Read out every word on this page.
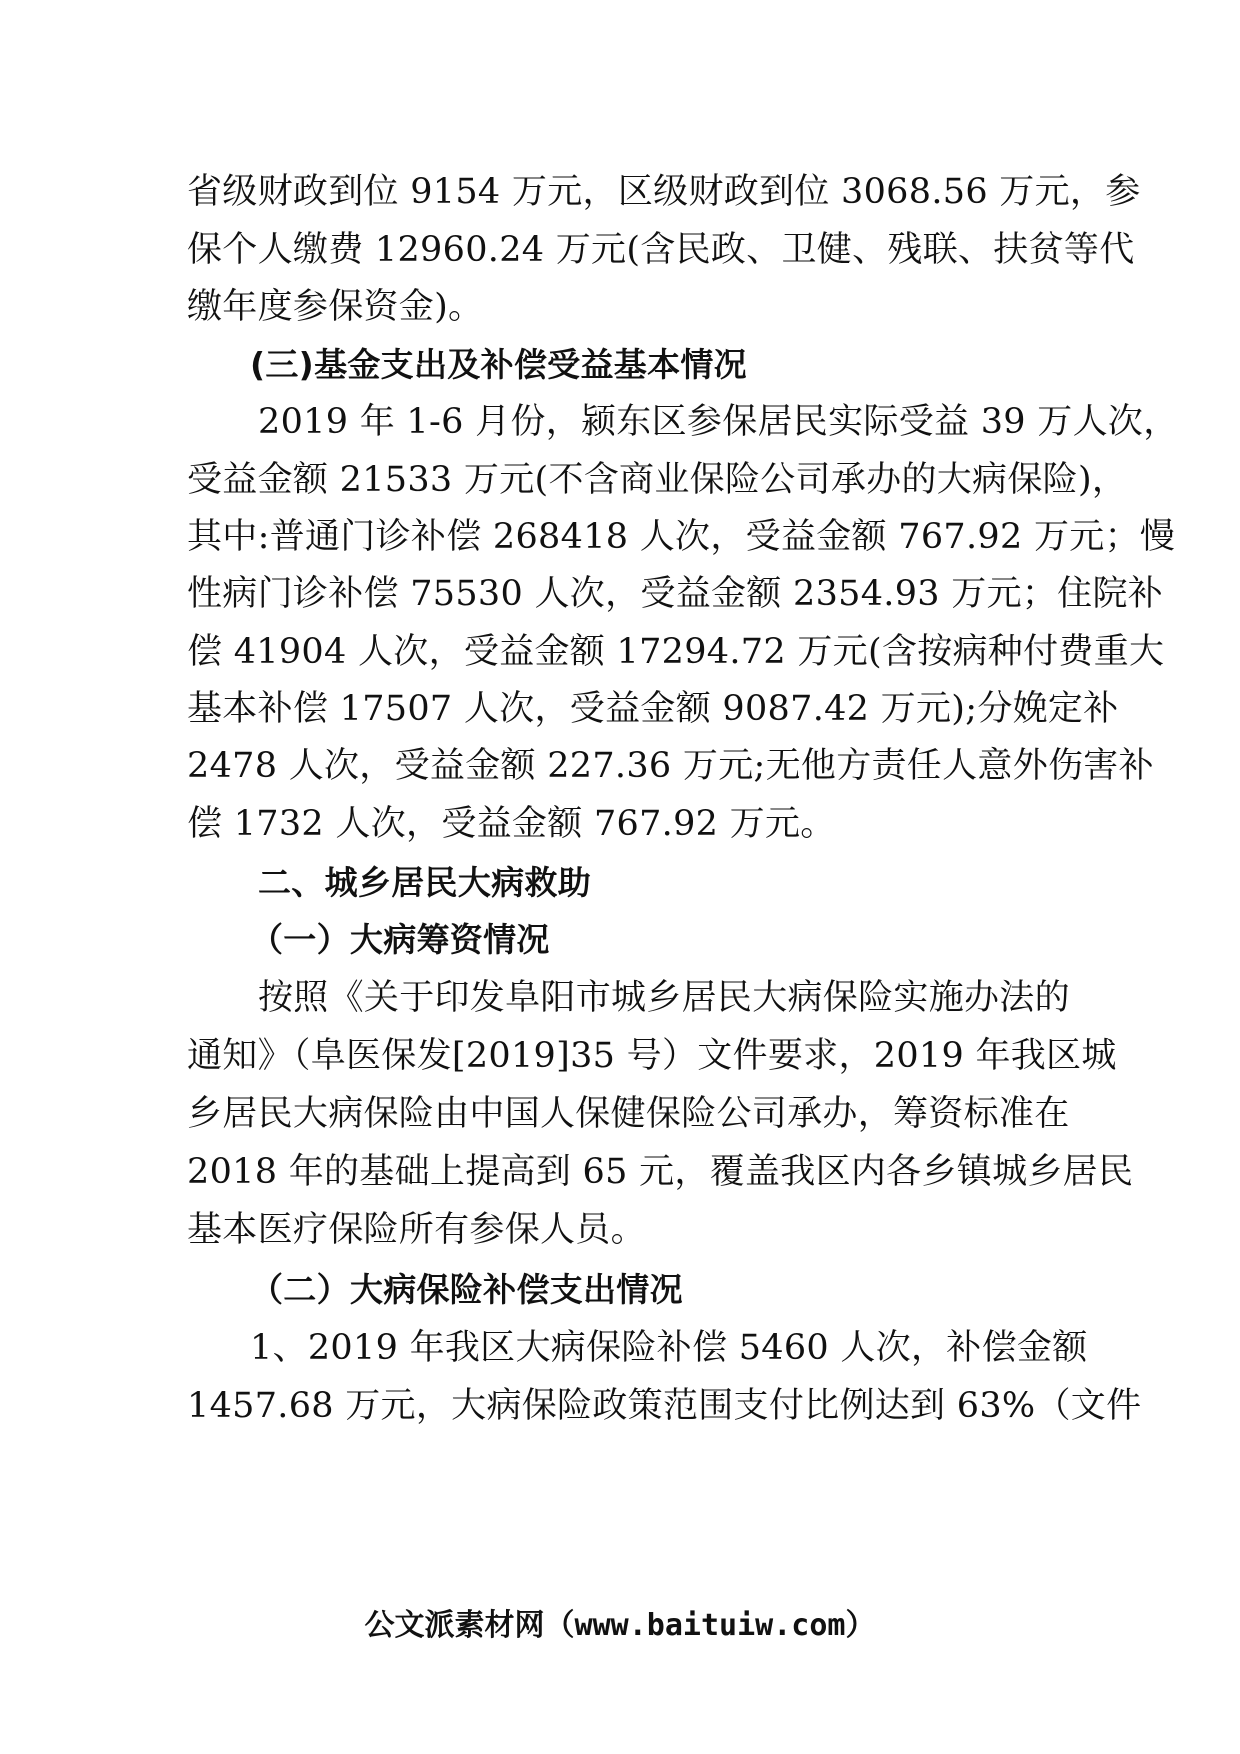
省级财政到位 9154 万元，区级财政到位 3068.56 万元，参
保个人缴费 12960.24 万元(含民政、卫健、残联、扶贫等代
缴年度参保资金)。
(三)基金支出及补偿受益基本情况
2019 年 1-6 月份，颍东区参保居民实际受益 39 万人次，
受益金额 21533 万元(不含商业保险公司承办的大病保险)，
其中:普通门诊补偿 268418 人次，受益金额 767.92 万元；慢
性病门诊补偿 75530 人次，受益金额 2354.93 万元；住院补
偿 41904 人次，受益金额 17294.72 万元(含按病种付费重大
基本补偿 17507 人次，受益金额 9087.42 万元);分娩定补
2478 人次，受益金额 227.36 万元;无他方责任人意外伤害补
偿 1732 人次，受益金额 767.92 万元。
二、城乡居民大病救助
（一）大病筹资情况
按照《关于印发阜阳市城乡居民大病保险实施办法的
通知》（阜医保发[2019]35 号）文件要求，2019 年我区城
乡居民大病保险由中国人保健保险公司承办，筹资标准在
2018 年的基础上提高到 65 元，覆盖我区内各乡镇城乡居民
基本医疗保险所有参保人员。
（二）大病保险补偿支出情况
1、2019 年我区大病保险补偿 5460 人次，补偿金额
1457.68 万元，大病保险政策范围支付比例达到 63%（文件
公文派素材网（www.baituiw.com）
